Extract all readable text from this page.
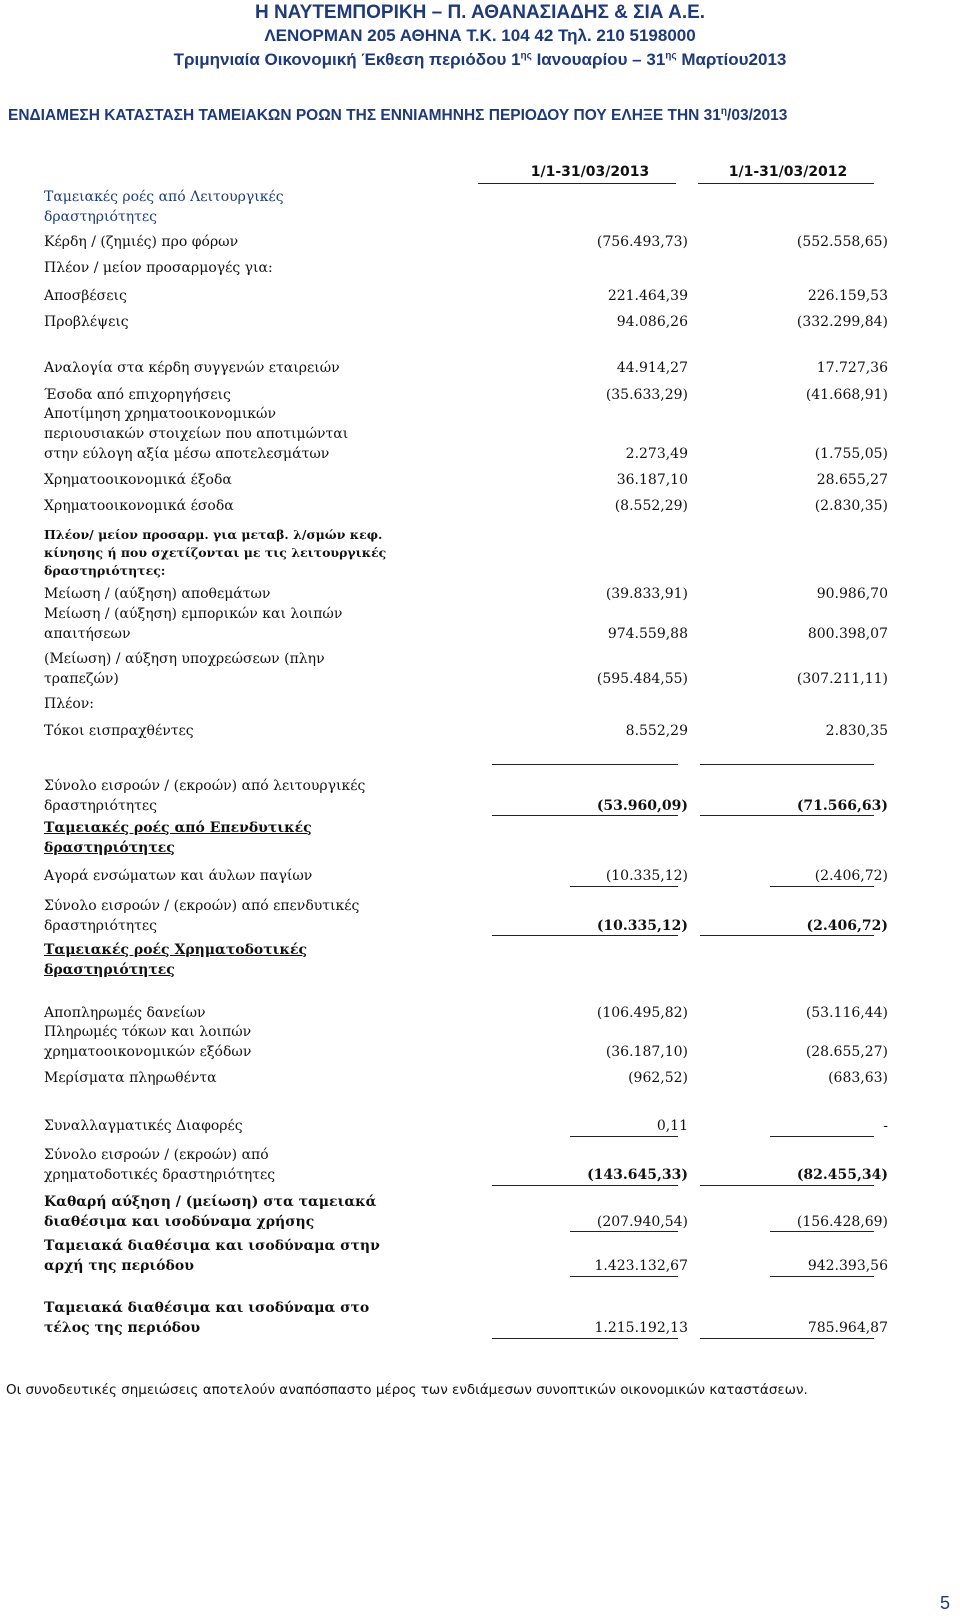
Η ΝΑΥΤΕΜΠΟΡΙΚΗ – Π. ΑΘΑΝΑΣΙΑΔΗΣ & ΣΙΑ Α.Ε.
ΛΕΝΟΡΜΑΝ 205 ΑΘΗΝΑ Τ.Κ. 104 42 Τηλ. 210 5198000
Τριμηνιαία Οικονομική Έκθεση περιόδου $1^{\eta\varsigma}$ Ιανουαρίου – $31^{\eta\varsigma}$ Μαρτίου2013
ΕΝΔΙΑΜΕΣΗ ΚΑΤΑΣΤΑΣΗ ΤΑΜΕΙΑΚΩΝ ΡΟΩΝ ΤΗΣ ΕΝΝΙΑΜΗΝΗΣ ΠΕΡΙΟΔΟΥ ΠΟΥ ΕΛΗΞΕ ΤΗΝ $31^\eta/03/2013$
1/1-31/03/2013	1/1-31/03/2012
Ταμειακές ροές από Λειτουργικές
δραστηριότητες
Κέρδη / (ζημιές) προ φόρων	(756.493,73)	(552.558,65)
Πλέον / μείον προσαρμογές για:
Αποσβέσεις	221.464,39	226.159,53
Προβλέψεις	94.086,26	(332.299,84)
Αναλογία στα κέρδη συγγενών εταιρειών	44.914,27	17.727,36
Έσοδα από επιχορηγήσεις	(35.633,29)	(41.668,91)
Αποτίμηση χρηματοοικονομικών
περιουσιακών στοιχείων που αποτιμώνται
στην εύλογη αξία μέσω αποτελεσμάτων	2.273,49	(1.755,05)
Χρηματοοικονομικά έξοδα	36.187,10	28.655,27
Χρηματοοικονομικά έσοδα	(8.552,29)	(2.830,35)
Πλέον/ μείον προσαρμ. για μεταβ. λ/σμών κεφ.
κίνησης ή που σχετίζονται με τις λειτουργικές
δραστηριότητες:
Μείωση / (αύξηση) αποθεμάτων	(39.833,91)	90.986,70
Μείωση / (αύξηση) εμπορικών και λοιπών
απαιτήσεων	974.559,88	800.398,07
(Μείωση) / αύξηση υποχρεώσεων (πλην
τραπεζών)	(595.484,55)	(307.211,11)
Πλέον:
Τόκοι εισπραχθέντες	8.552,29	2.830,35
Σύνολο εισροών / (εκροών) από λειτουργικές
δραστηριότητες	(53.960,09)	(71.566,63)
Ταμειακές ροές από Επενδυτικές
δραστηριότητες
Αγορά ενσώματων και άυλων παγίων	(10.335,12)	(2.406,72)
Σύνολο εισροών / (εκροών) από επενδυτικές
δραστηριότητες	(10.335,12)	(2.406,72)
Ταμειακές ροές Χρηματοδοτικές
δραστηριότητες
Αποπληρωμές δανείων	(106.495,82)	(53.116,44)
Πληρωμές τόκων και λοιπών
χρηματοοικονομικών εξόδων	(36.187,10)	(28.655,27)
Μερίσματα πληρωθέντα	(962,52)	(683,63)
Συναλλαγματικές Διαφορές	0,11	-
Σύνολο εισροών / (εκροών) από
χρηματοδοτικές δραστηριότητες	(143.645,33)	(82.455,34)
Καθαρή αύξηση / (μείωση) στα ταμειακά
διαθέσιμα και ισοδύναμα χρήσης	(207.940,54)	(156.428,69)
Ταμειακά διαθέσιμα και ισοδύναμα στην
αρχή της περιόδου	1.423.132,67	942.393,56
Ταμειακά διαθέσιμα και ισοδύναμα στο
τέλος της περιόδου	1.215.192,13	785.964,87
Οι συνοδευτικές σημειώσεις αποτελούν αναπόσπαστο μέρος των ενδιάμεσων συνοπτικών οικονομικών καταστάσεων.
5
